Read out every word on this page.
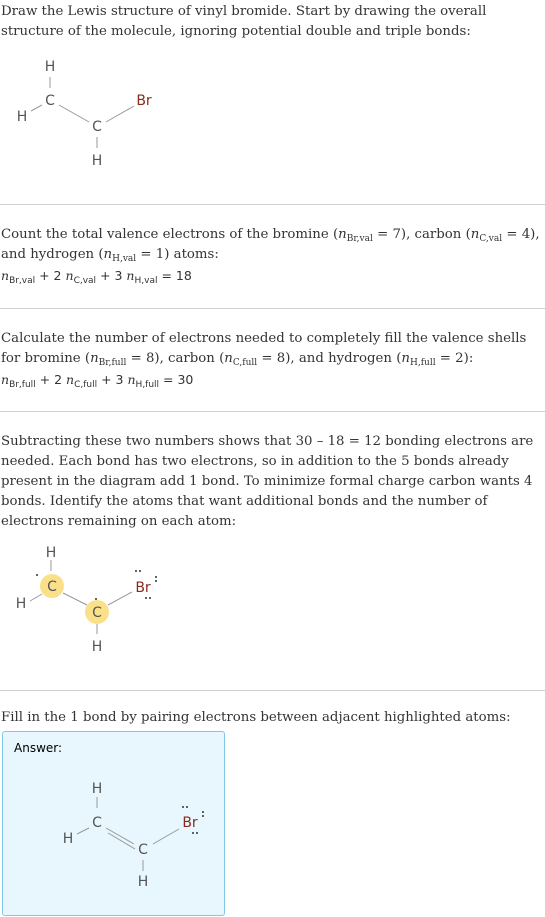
Draw the Lewis structure of vinyl bromide. Start by drawing the overall structure of the molecule, ignoring potential double and triple bonds:

H
C
H
C
H
Br

Count the total valence electrons of the bromine $(n_{Br,val} = 7)$, carbon $(n_{C,val} = 4)$, and hydrogen $(n_{H,val} = 1)$ atoms:

$n_{Br,val} + 2$ $n_{C,val} + 3$ $n_{H,val} = 18$

Calculate the number of electrons needed to completely fill the valence shells for bromine $(n_{Br,full} = 8)$, carbon $(n_{C,full} = 8)$, and hydrogen $(n_{H,full} = 2)$:

$n_{Br,full} + 2$ $n_{C,full} + 3$ $n_{H,full} = 30$

Subtracting these two numbers shows that 30 – 18 = 12 bonding electrons are needed. Each bond has two electrons, so in addition to the 5 bonds already present in the diagram add 1 bond. To minimize formal charge carbon wants 4 bonds. Identify the atoms that want additional bonds and the number of electrons remaining on each atom:

H
C
H
C
H
Br

Fill in the 1 bond by pairing electrons between adjacent highlighted atoms:

Answer:
H
C
H
C
H
Br
